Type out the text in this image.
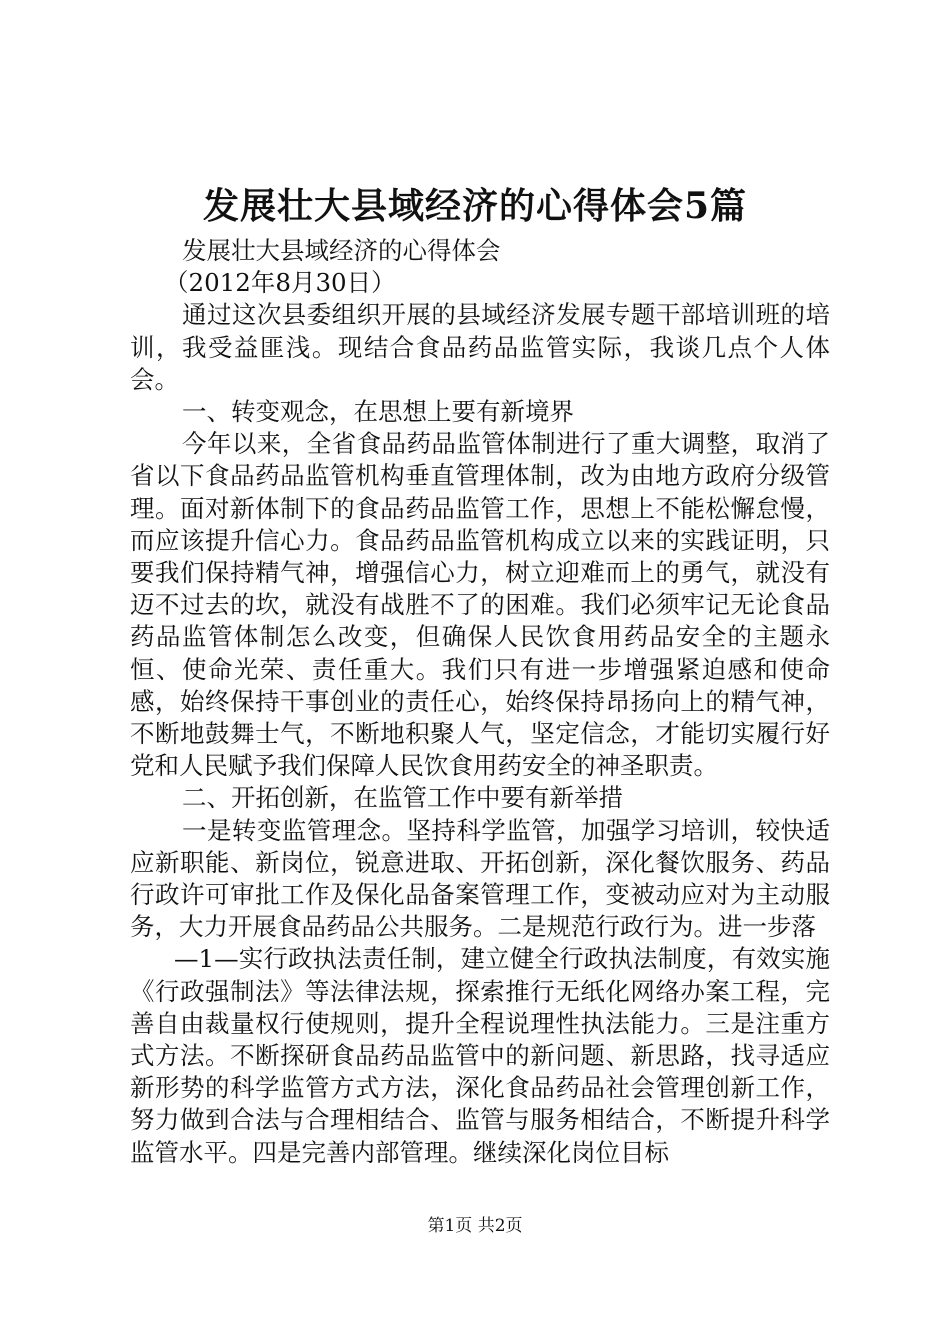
发展壮大县域经济的心得体会5篇

发展壮大县域经济的心得体会

（2012年8月30日）

通过这次县委组织开展的县域经济发展专题干部培训班的培训，我受益匪浅。现结合食品药品监管实际，我谈几点个人体会。

一、转变观念，在思想上要有新境界

今年以来，全省食品药品监管体制进行了重大调整，取消了省以下食品药品监管机构垂直管理体制，改为由地方政府分级管理。面对新体制下的食品药品监管工作，思想上不能松懈怠慢，而应该提升信心力。食品药品监管机构成立以来的实践证明，只要我们保持精气神，增强信心力，树立迎难而上的勇气，就没有迈不过去的坎，就没有战胜不了的困难。我们必须牢记无论食品药品监管体制怎么改变，但确保人民饮食用药品安全的主题永恒、使命光荣、责任重大。我们只有进一步增强紧迫感和使命感，始终保持干事创业的责任心，始终保持昂扬向上的精气神，不断地鼓舞士气，不断地积聚人气，坚定信念，才能切实履行好党和人民赋予我们保障人民饮食用药安全的神圣职责。

二、开拓创新，在监管工作中要有新举措

一是转变监管理念。坚持科学监管，加强学习培训，较快适应新职能、新岗位，锐意进取、开拓创新，深化餐饮服务、药品行政许可审批工作及保化品备案管理工作，变被动应对为主动服务，大力开展食品药品公共服务。二是规范行政行为。进一步落

—1—实行政执法责任制，建立健全行政执法制度，有效实施《行政强制法》等法律法规，探索推行无纸化网络办案工程，完善自由裁量权行使规则，提升全程说理性执法能力。三是注重方式方法。不断探研食品药品监管中的新问题、新思路，找寻适应新形势的科学监管方式方法，深化食品药品社会管理创新工作，努力做到合法与合理相结合、监管与服务相结合，不断提升科学监管水平。四是完善内部管理。继续深化岗位目标

第1页 共2页
